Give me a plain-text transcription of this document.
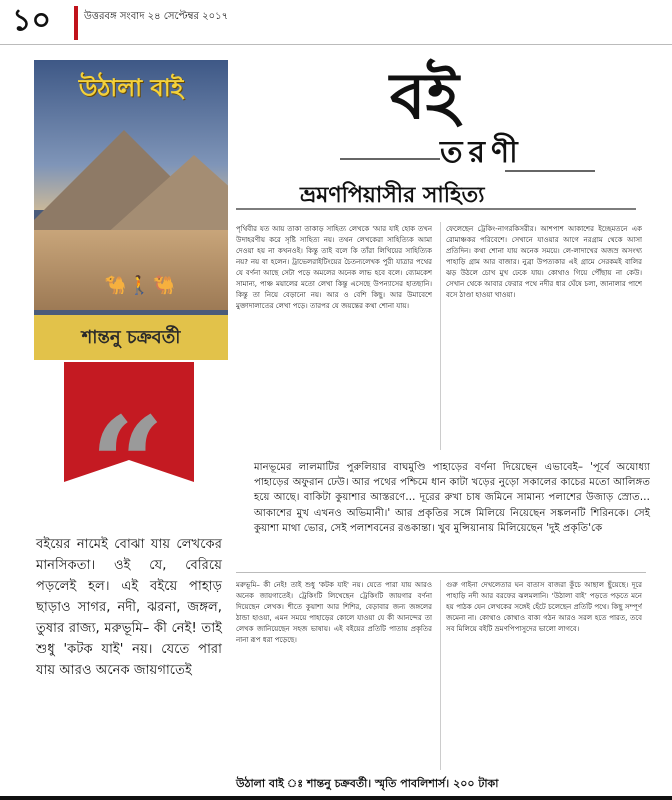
১০	উত্তরবঙ্গ সংবাদ ২৪ সেপ্টেম্বর ২০১৭
🐪🚶🐫
উঠালা বাই
শান্তনু চক্রবর্তী
“
বই
তরণী
ভ্রমণপিয়াসীর সাহিত্য
পৃথিবীর যত আয় তাকা তাকাড় সাহিত্য লেখকে 'আর যাই হোক তখন উদাহরণীয় করে সৃষ্টি সাহিত্য নয়। তথন লেখকেরা সাহিত্যিক আমা দেওয়া হয় না কখনওই। কিন্তু তাই বলে কি তাঁরা লিখিয়ের সাহিত্যিক নয়? নয় বা হলেন। ট্রাভেলরাইটিংয়ের চৈতন্যলেখক পুরী যাত্রার পথের যে বর্ণনা আছে সেটা পড়ে অমলের অনেক লাভ হবে বলে। ব্যোমকেশ সামান্য, পাঞ্চ ময়ালের মতো লেখা কিন্তু এসেছে উপন্যাসের হাতছানি। কিন্তু তা নিয়ে বেড়ানো নয়। আর ও বেশি কিছু। আর উমাবেশে মুক্তাদালাতের লেখা পড়ে। তারপর যে জয়ন্তের কথা শোনা যায়।
ফেলেছেন ট্রেকিং-নাগরকিসরীর। আশপাশ আকাশের ইচ্ছেমতনে এক রোমাঞ্চকর পরিবেশে। সেখানে যাওয়ার আগে নরগ্রাম থেকে আসা প্রতিদিন। কথা শোনা যায় অনেক সময়ে। লে-লাদাখের অজস্র অসংখ্য পাহাড়ি গ্রাম আর বাজার। নুব্রা উপত্যকার এই গ্রামে সেরকমই বালির ঝড় উঠলে চোখ মুখ ঢেকে যায়। কোথাও গিয়ে পৌঁছায় না কেউ। সেখান থেকে আবার ফেরার পথে নদীর ধার ঘেঁষে চলা, জানালার পাশে বসে ঠাণ্ডা হাওয়া খাওয়া।
মানভূমের লালমাটির পুরুলিয়ার বাঘমুণ্ডি পাহাড়ের বর্ণনা দিয়েছেন এভাবেই– 'পূর্বে অযোধ্যা পাহাড়ের অফুরান ঢেউ। আর পথের পশ্চিমে ধান কাটা খড়ের নুড়ো সকালের কাচের মতো আলিঙ্গত হয়ে আছে। বাকিটা কুয়াশার আস্তরণে… দূরের রুখা চাষ জমিনে সামান্য পলাশের উজাড় স্রোত… আকাশের মুখ এখনও অভিমানী।' আর প্রকৃতির সঙ্গে মিলিয়ে নিয়েছেন সঙ্কলনটি শিরিনকে। সেই কুয়াশা মাথা ভোর, সেই পলাশবনের রঙকান্তা। খুব মুন্সিয়ানায় মিলিয়েছেন 'দুই প্রকৃতি'কে
বইয়ের নামেই বোঝা যায় লেখকের মানসিকতা। ওই যে, বেরিয়ে পড়লেই হল। এই বইয়ে পাহাড় ছাড়াও সাগর, নদী, ঝরনা, জঙ্গল, তুষার রাজ্য, মরুভূমি– কী নেই! তাই শুধু 'কটক যাই' নয়। যেতে পারা যায় আরও অনেক জায়গাতেই
মরুভূমি– কী নেই! তাই শুধু 'কটক যাই' নয়। যেতে পারা যায় আরও অনেক জায়গাতেই। ট্রেকিংটি লিখেছেন ট্রেকিংটি জায়গার বর্ণনা দিয়েছেন লেখক। শীতে কুয়াশা আর শিশির, বেড়াবার জন্য জঙ্গলের ঠান্ডা হাওয়া, এমন সময়ে পাহাড়ের কোলে যাওয়া যে কী আনন্দের তা লেখক জানিয়েছেন সহজ ভাষায়। এই বইয়ের প্রতিটি পাতায় প্রকৃতির নানা রূপ ধরা পড়েছে।
গুরু গাইনা দেখলেতার ঘন বাতাস বাজরা কুঁচে আছাল ছুঁয়েছে। দূরে পাহাড়ি নদী আর বরফের ঝলমলানি। ‘উঠালা বাই’ পড়তে পড়তে মনে হয় পাঠক যেন লেখকের সঙ্গেই হেঁটে চলেছেন প্রতিটি পথে। কিছু সম্পূর্ণ জমেনা না। কোথাও কোথাও বাক্য গঠন আরও সরল হতে পারত, তবে সব মিলিয়ে বইটি ভ্রমণপিপাসুদের ভালো লাগবে।
উঠালা বাই ঃ শান্তনু চক্রবর্তী। স্মৃতি পাবলিশার্স। ২০০ টাকা
